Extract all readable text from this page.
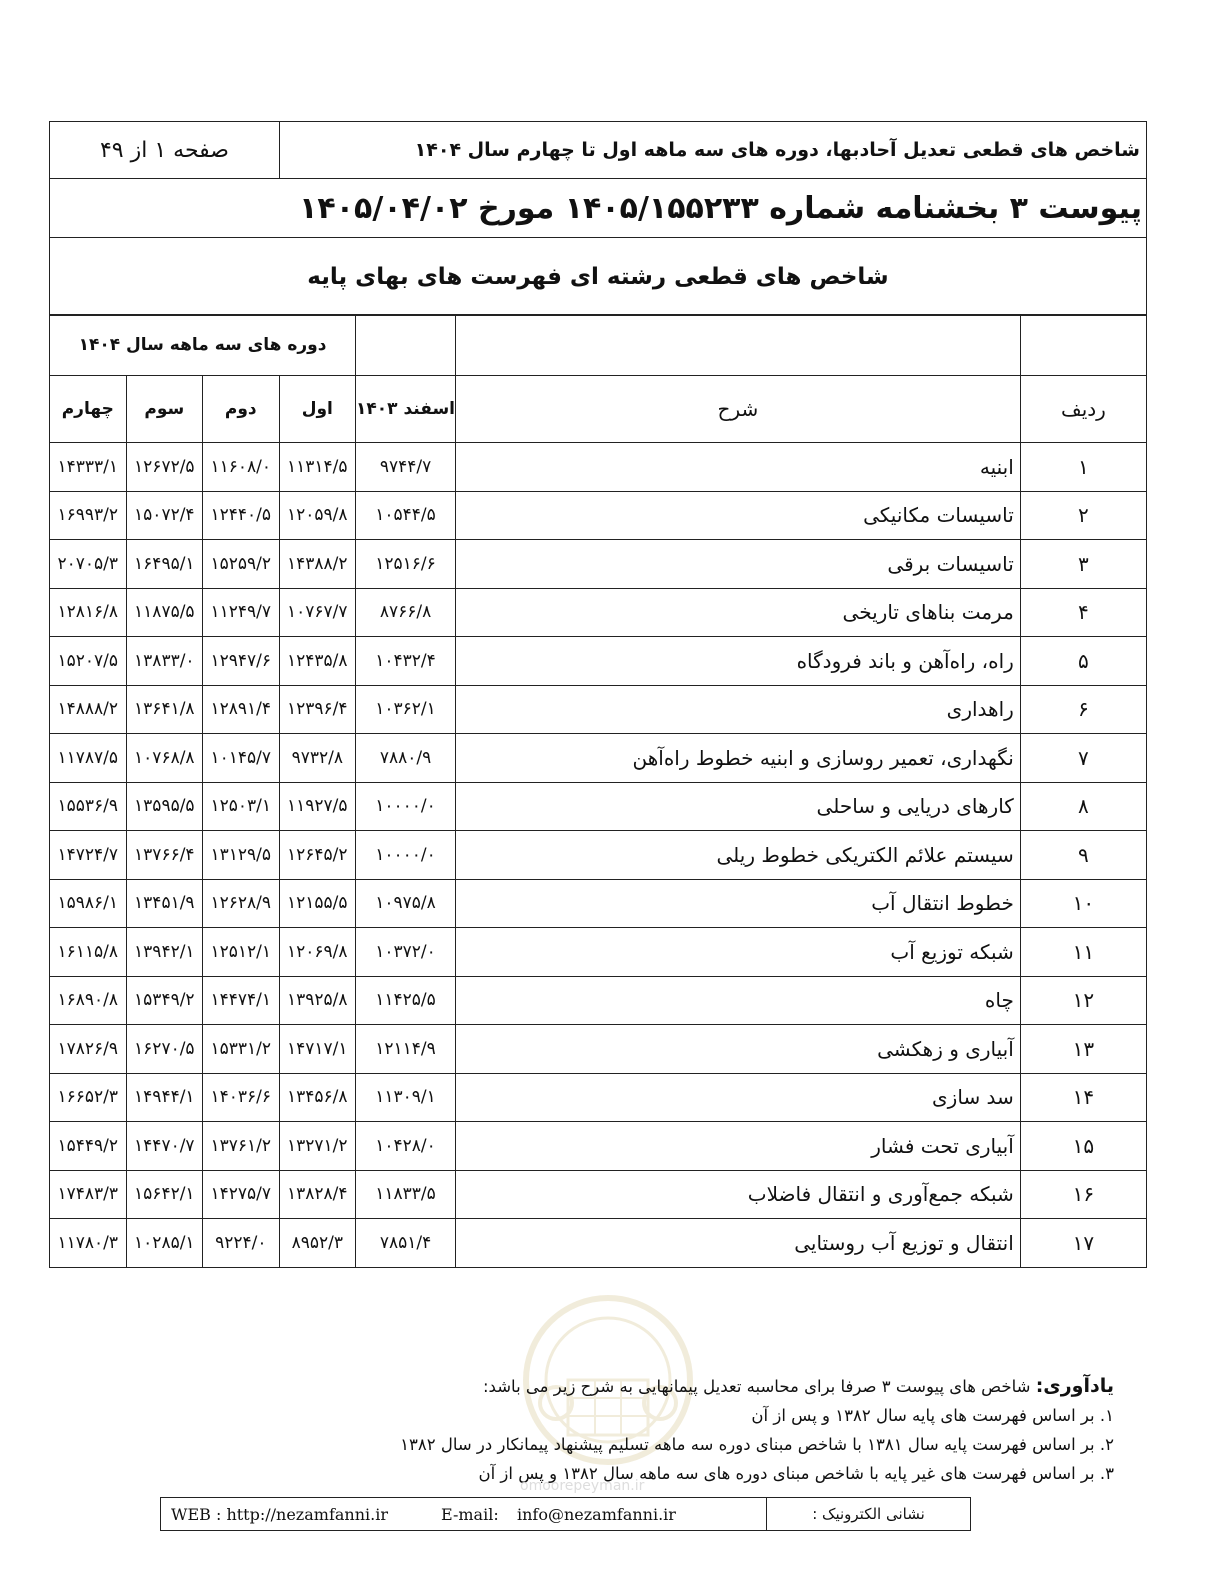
شاخص های قطعی تعدیل آحادبها، دوره های سه ماهه اول تا چهارم سال ۱۴۰۴	صفحه ۱ از ۴۹
پیوست ۳ بخشنامه شماره ۱۴۰۵/۱۵۵۲۳۳ مورخ ۱۴۰۵/۰۴/۰۲
شاخص های قطعی رشته ای فهرست های بهای پایه
			دوره های سه ماهه سال ۱۴۰۴			
ردیف	شرح	اسفند ۱۴۰۳	اول	دوم	سوم	چهارم
۱	ابنیه	۹۷۴۴/۷	۱۱۳۱۴/۵	۱۱۶۰۸/۰	۱۲۶۷۲/۵	۱۴۳۳۳/۱
۲	تاسیسات مکانیکی	۱۰۵۴۴/۵	۱۲۰۵۹/۸	۱۲۴۴۰/۵	۱۵۰۷۲/۴	۱۶۹۹۳/۲
۳	تاسیسات برقی	۱۲۵۱۶/۶	۱۴۳۸۸/۲	۱۵۲۵۹/۲	۱۶۴۹۵/۱	۲۰۷۰۵/۳
۴	مرمت بناهای تاریخی	۸۷۶۶/۸	۱۰۷۶۷/۷	۱۱۲۴۹/۷	۱۱۸۷۵/۵	۱۲۸۱۶/۸
۵	راه، راه‌آهن و باند فرودگاه	۱۰۴۳۲/۴	۱۲۴۳۵/۸	۱۲۹۴۷/۶	۱۳۸۳۳/۰	۱۵۲۰۷/۵
۶	راهداری	۱۰۳۶۲/۱	۱۲۳۹۶/۴	۱۲۸۹۱/۴	۱۳۶۴۱/۸	۱۴۸۸۸/۲
۷	نگهداری، تعمیر روسازی و ابنیه خطوط راه‌آهن	۷۸۸۰/۹	۹۷۳۲/۸	۱۰۱۴۵/۷	۱۰۷۶۸/۸	۱۱۷۸۷/۵
۸	کارهای دریایی و ساحلی	۱۰۰۰۰/۰	۱۱۹۲۷/۵	۱۲۵۰۳/۱	۱۳۵۹۵/۵	۱۵۵۳۶/۹
۹	سیستم علائم الکتریکی خطوط ریلی	۱۰۰۰۰/۰	۱۲۶۴۵/۲	۱۳۱۲۹/۵	۱۳۷۶۶/۴	۱۴۷۲۴/۷
۱۰	خطوط انتقال آب	۱۰۹۷۵/۸	۱۲۱۵۵/۵	۱۲۶۲۸/۹	۱۳۴۵۱/۹	۱۵۹۸۶/۱
۱۱	شبکه توزیع آب	۱۰۳۷۲/۰	۱۲۰۶۹/۸	۱۲۵۱۲/۱	۱۳۹۴۲/۱	۱۶۱۱۵/۸
۱۲	چاه	۱۱۴۲۵/۵	۱۳۹۲۵/۸	۱۴۴۷۴/۱	۱۵۳۴۹/۲	۱۶۸۹۰/۸
۱۳	آبیاری و زهکشی	۱۲۱۱۴/۹	۱۴۷۱۷/۱	۱۵۳۳۱/۲	۱۶۲۷۰/۵	۱۷۸۲۶/۹
۱۴	سد سازی	۱۱۳۰۹/۱	۱۳۴۵۶/۸	۱۴۰۳۶/۶	۱۴۹۴۴/۱	۱۶۶۵۲/۳
۱۵	آبیاری تحت فشار	۱۰۴۲۸/۰	۱۳۲۷۱/۲	۱۳۷۶۱/۲	۱۴۴۷۰/۷	۱۵۴۴۹/۲
۱۶	شبکه جمع‌آوری و انتقال فاضلاب	۱۱۸۳۳/۵	۱۳۸۲۸/۴	۱۴۲۷۵/۷	۱۵۶۴۲/۱	۱۷۴۸۳/۳
۱۷	انتقال و توزیع آب روستایی	۷۸۵۱/۴	۸۹۵۲/۳	۹۲۲۴/۰	۱۰۲۸۵/۱	۱۱۷۸۰/۳
یادآوری: شاخص های پیوست ۳ صرفا برای محاسبه تعدیل پیمانهایی به شرح زیر می باشد:
۱. بر اساس فهرست های پایه سال ۱۳۸۲ و پس از آن
۲. بر اساس فهرست پایه سال ۱۳۸۱ با شاخص مبنای دوره سه ماهه تسلیم پیشنهاد پیمانکار در سال ۱۳۸۲
۳. بر اساس فهرست های غیر پایه با شاخص مبنای دوره های سه ماهه سال ۱۳۸۲ و پس از آن
omoorepeyman.ir
WEB : http://nezamfanni.ir	E-mail:	info@nezamfanni.ir	نشانی الکترونیک :
